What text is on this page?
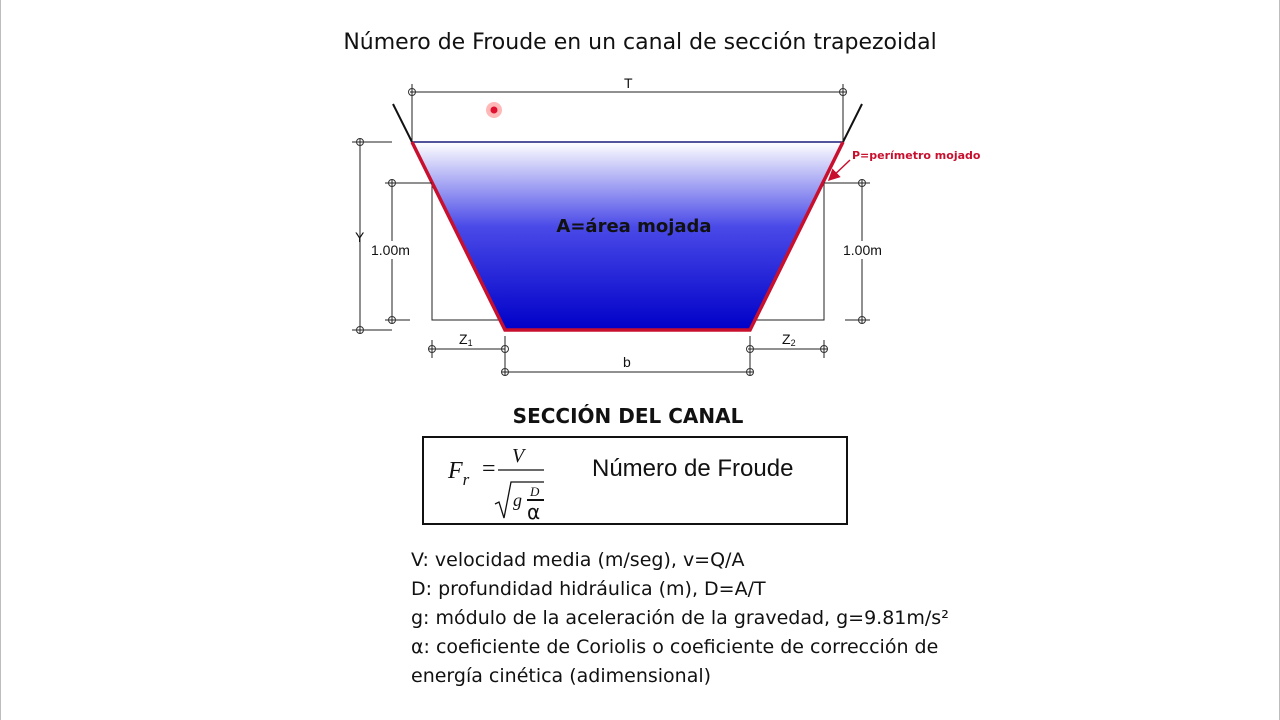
Número de Froude en un canal de sección trapezoidal
T
Y
1.00m	1.00m
Z1	Z2
b
A=área mojada
P=perímetro mojado
SECCIÓN DEL CANAL
$F_r = V$
g D
α
Número de Froude
V: velocidad media (m/seg), v=Q/A
D: profundidad hidráulica (m), D=A/T
g: módulo de la aceleración de la gravedad, g=9.81m/s²
α: coeficiente de Coriolis o coeficiente de corrección de
energía cinética (adimensional)
